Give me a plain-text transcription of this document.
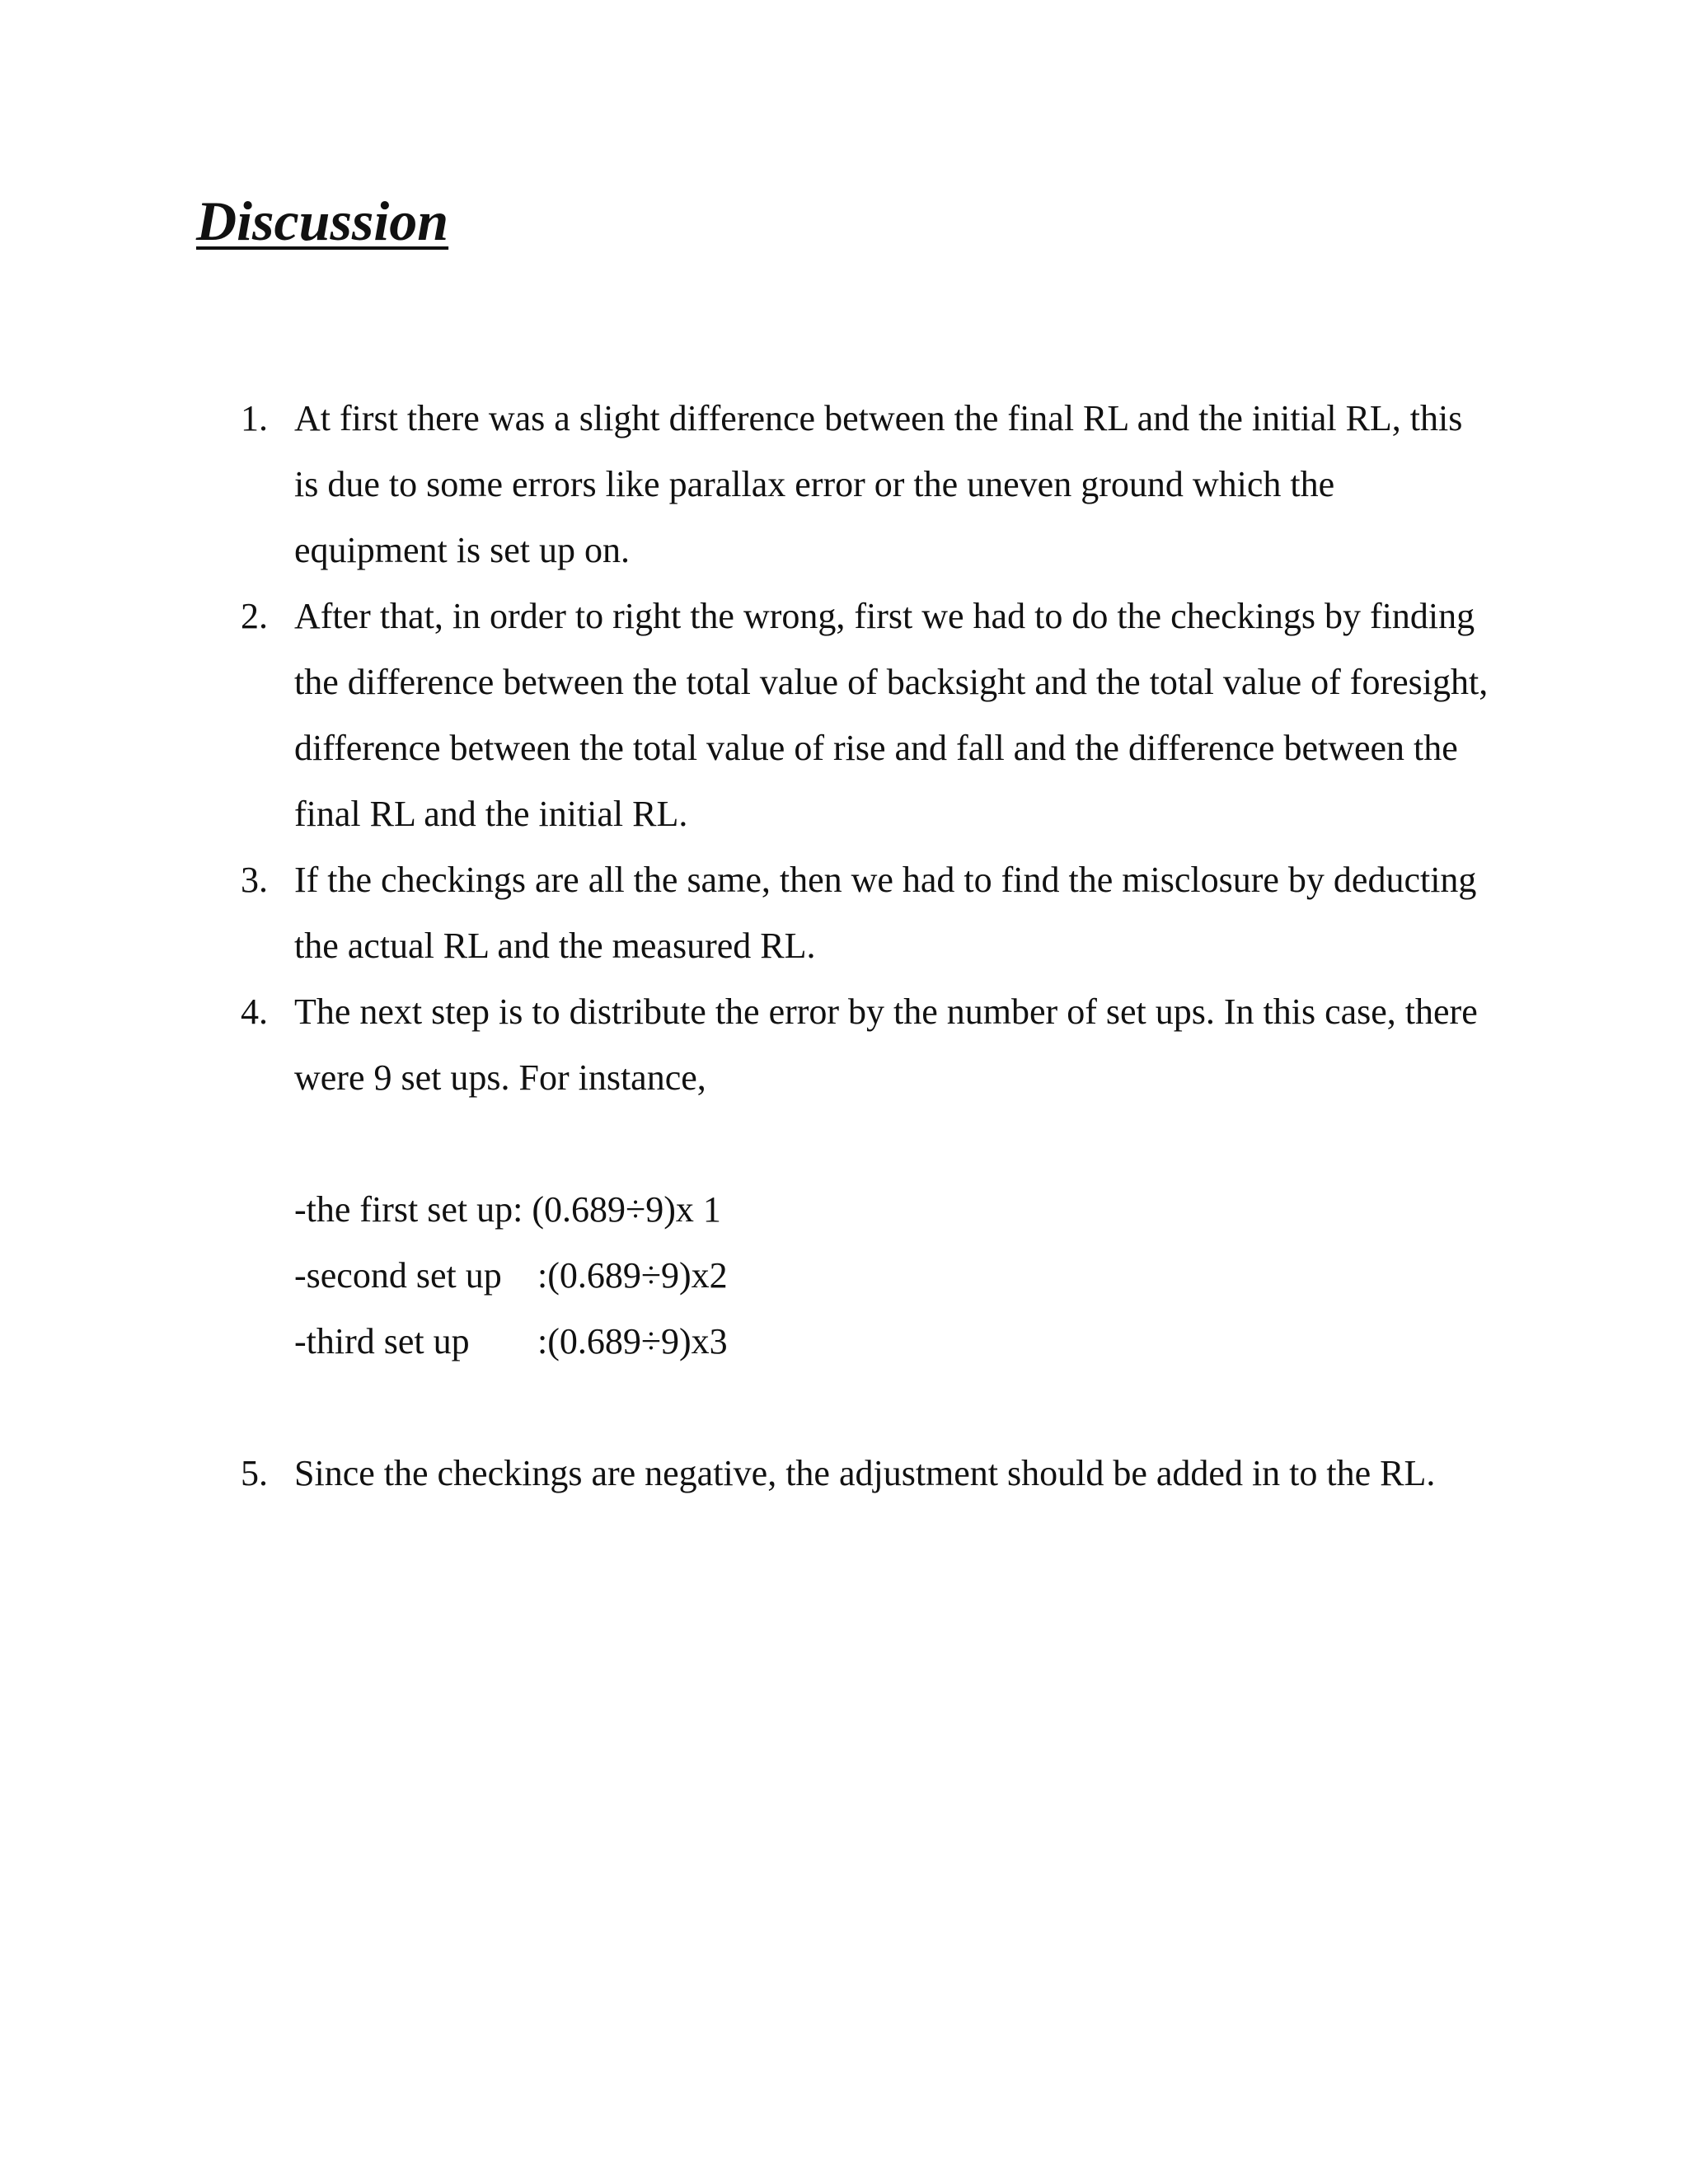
Discussion
1. At first there was a slight difference between the final RL and the initial RL, this is due to some errors like parallax error or the uneven ground which the equipment is set up on.
2. After that, in order to right the wrong, first we had to do the checkings by finding the difference between the total value of backsight and the total value of foresight, difference between the total value of rise and fall and the difference between the final RL and the initial RL.
3. If the checkings are all the same, then we had to find the misclosure by deducting the actual RL and the measured RL.
4. The next step is to distribute the error by the number of set ups. In this case, there were 9 set ups. For instance,
-the first set up: (0.689÷9)x 1
-second set up :(0.689÷9)x2
-third set up :(0.689÷9)x3
5. Since the checkings are negative, the adjustment should be added in to the RL.
